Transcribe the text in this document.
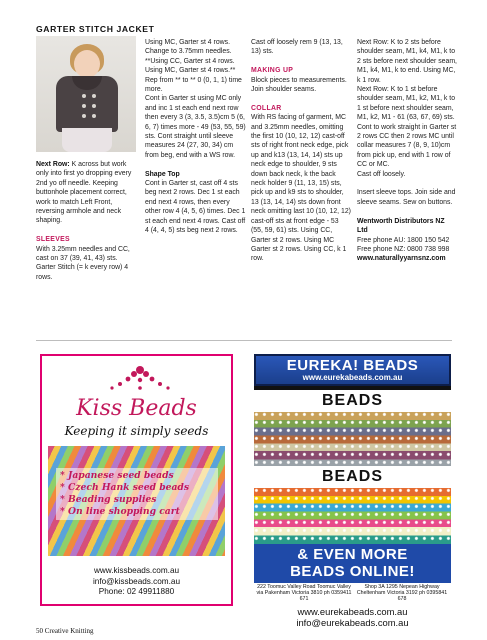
GARTER STITCH JACKET

Next Row: K across but work only into first yo dropping every 2nd yo off needle. Keeping buttonhole placement correct, work to match Left Front, reversing armhole and neck shaping.

SLEEVES

With 3.25mm needles and CC, cast on 37 (39, 41, 43) sts. Garter Stitch (= k every row) 4 rows.

Using MC, Garter st 4 rows. Change to 3.75mm needles. **Using CC, Garter st 4 rows. Using MC, Garter st 4 rows.** Rep from ** to ** 0 (0, 1, 1) time more.

Cont in Garter st using MC only and inc 1 st each end next row then every 3 (3, 3.5, 3.5)cm 5 (6, 6, 7) times more - 49 (53, 55, 59) sts. Cont straight until sleeve measures 24 (27, 30, 34) cm from beg, end with a WS row.

Shape Top

Cont in Garter st, cast off 4 sts beg next 2 rows. Dec 1 st each end next 4 rows, then every other row 4 (4, 5, 6) times. Dec 1 st each end next 4 rows. Cast off 4 (4, 4, 5) sts beg next 2 rows.

Cast off loosely rem 9 (13, 13, 13) sts.

MAKING UP

Block pieces to measurements. Join shoulder seams.

COLLAR

With RS facing of garment, MC and 3.25mm needles, omitting the first 10 (10, 12, 12) cast-off sts of right front neck edge, pick up and k13 (13, 14, 14) sts up neck edge to shoulder, 9 sts down back neck, k the back neck holder 9 (11, 13, 15) sts, pick up and k9 sts to shoulder, 13 (13, 14, 14) sts down front neck omitting last 10 (10, 12, 12) cast-off sts at front edge - 53 (55, 59, 61) sts. Using CC, Garter st 2 rows. Using MC Garter st 2 rows. Using CC, k 1 row.

Next Row: K to 2 sts before shoulder seam, M1, k4, M1, k to 2 sts before next shoulder seam, M1, k4, M1, k to end. Using MC, k 1 row.

Next Row: K to 1 st before shoulder seam, M1, k2, M1, k to 1 st before next shoulder seam, M1, k2, M1 - 61 (63, 67, 69) sts.

Cont to work straight in Garter st 2 rows CC then 2 rows MC until collar measures 7 (8, 9, 10)cm from pick up, end with 1 row of CC or MC.

Cast off loosely.

Insert sleeve tops. Join side and sleeve seams. Sew on buttons.

Wentworth Distributors NZ Ltd

Free phone AU: 1800 150 542

Free phone NZ: 0800 738 998

www.naturallyyarnsnz.com

Kiss Beads
Keeping it simply seeds

* Japanese seed beads

* Czech Hank seed beads

* Beading supplies

* On line shopping cart

www.kissbeads.com.au

info@kissbeads.com.au

Phone: 02 49911880

EUREKA! BEADS
www.eurekabeads.com.au
BEADS
BEADS
& EVEN MORE
BEADS ONLINE!
222 Toomuc Valley Road Toomuc Valley via Pakenham Victoria 3810 ph 0359411 671
Shop 3A 1295 Nepean Highway Cheltenham Victoria 3192 ph 0395841 678

www.eurekabeads.com.au

info@eurekabeads.com.au

50 Creative Knitting
